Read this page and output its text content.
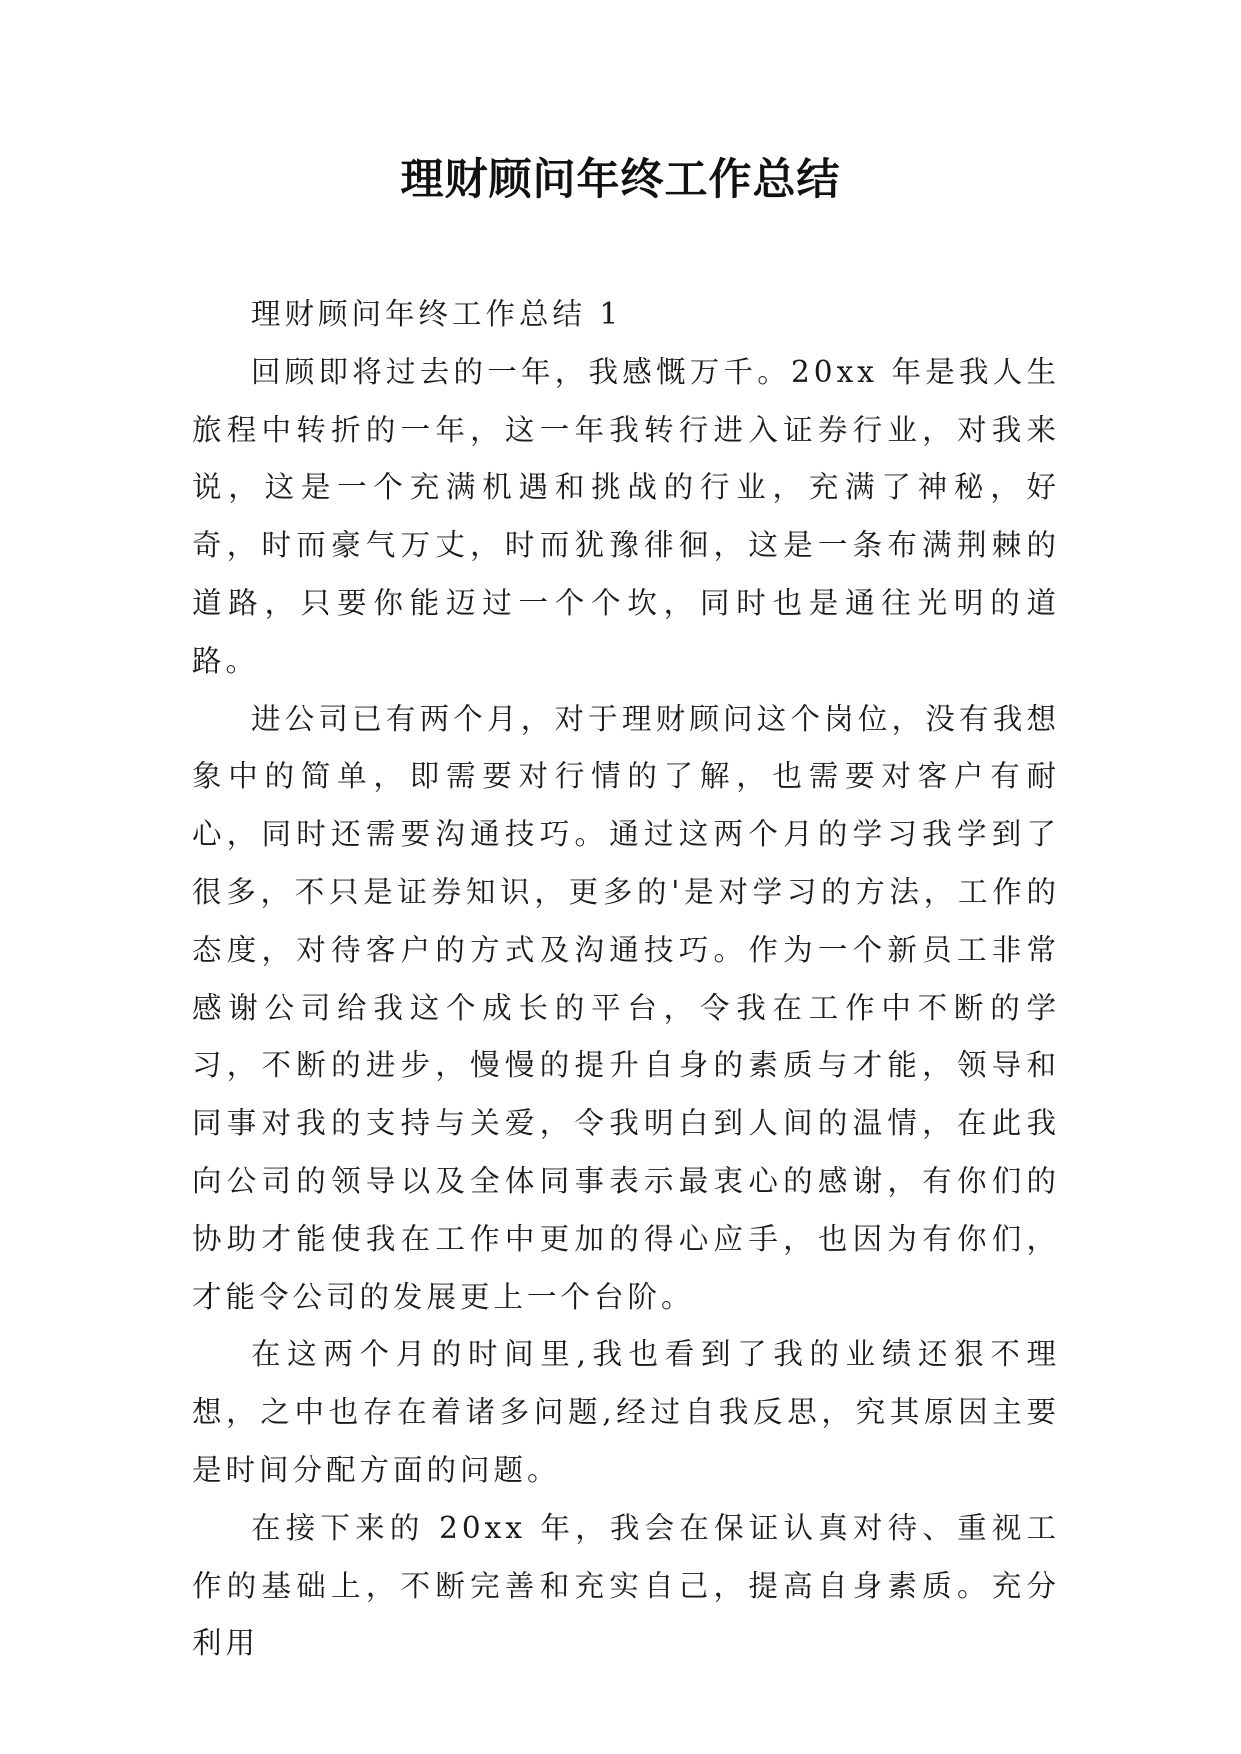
理财顾问年终工作总结

理财顾问年终工作总结 1

回顾即将过去的一年，我感慨万千。20xx 年是我人生旅程中转折的一年，这一年我转行进入证券行业，对我来说，这是一个充满机遇和挑战的行业，充满了神秘，好奇，时而豪气万丈，时而犹豫徘徊，这是一条布满荆棘的道路，只要你能迈过一个个坎，同时也是通往光明的道路。

进公司已有两个月，对于理财顾问这个岗位，没有我想象中的简单，即需要对行情的了解，也需要对客户有耐心，同时还需要沟通技巧。通过这两个月的学习我学到了很多，不只是证券知识，更多的'是对学习的方法，工作的态度，对待客户的方式及沟通技巧。作为一个新员工非常感谢公司给我这个成长的平台，令我在工作中不断的学习，不断的进步，慢慢的提升自身的素质与才能，领导和同事对我的支持与关爱，令我明白到人间的温情，在此我向公司的领导以及全体同事表示最衷心的感谢，有你们的协助才能使我在工作中更加的得心应手，也因为有你们，才能令公司的发展更上一个台阶。

在这两个月的时间里,我也看到了我的业绩还狠不理想，之中也存在着诸多问题,经过自我反思，究其原因主要是时间分配方面的问题。

在接下来的 20xx 年，我会在保证认真对待、重视工作的基础上，不断完善和充实自己，提高自身素质。充分利用
